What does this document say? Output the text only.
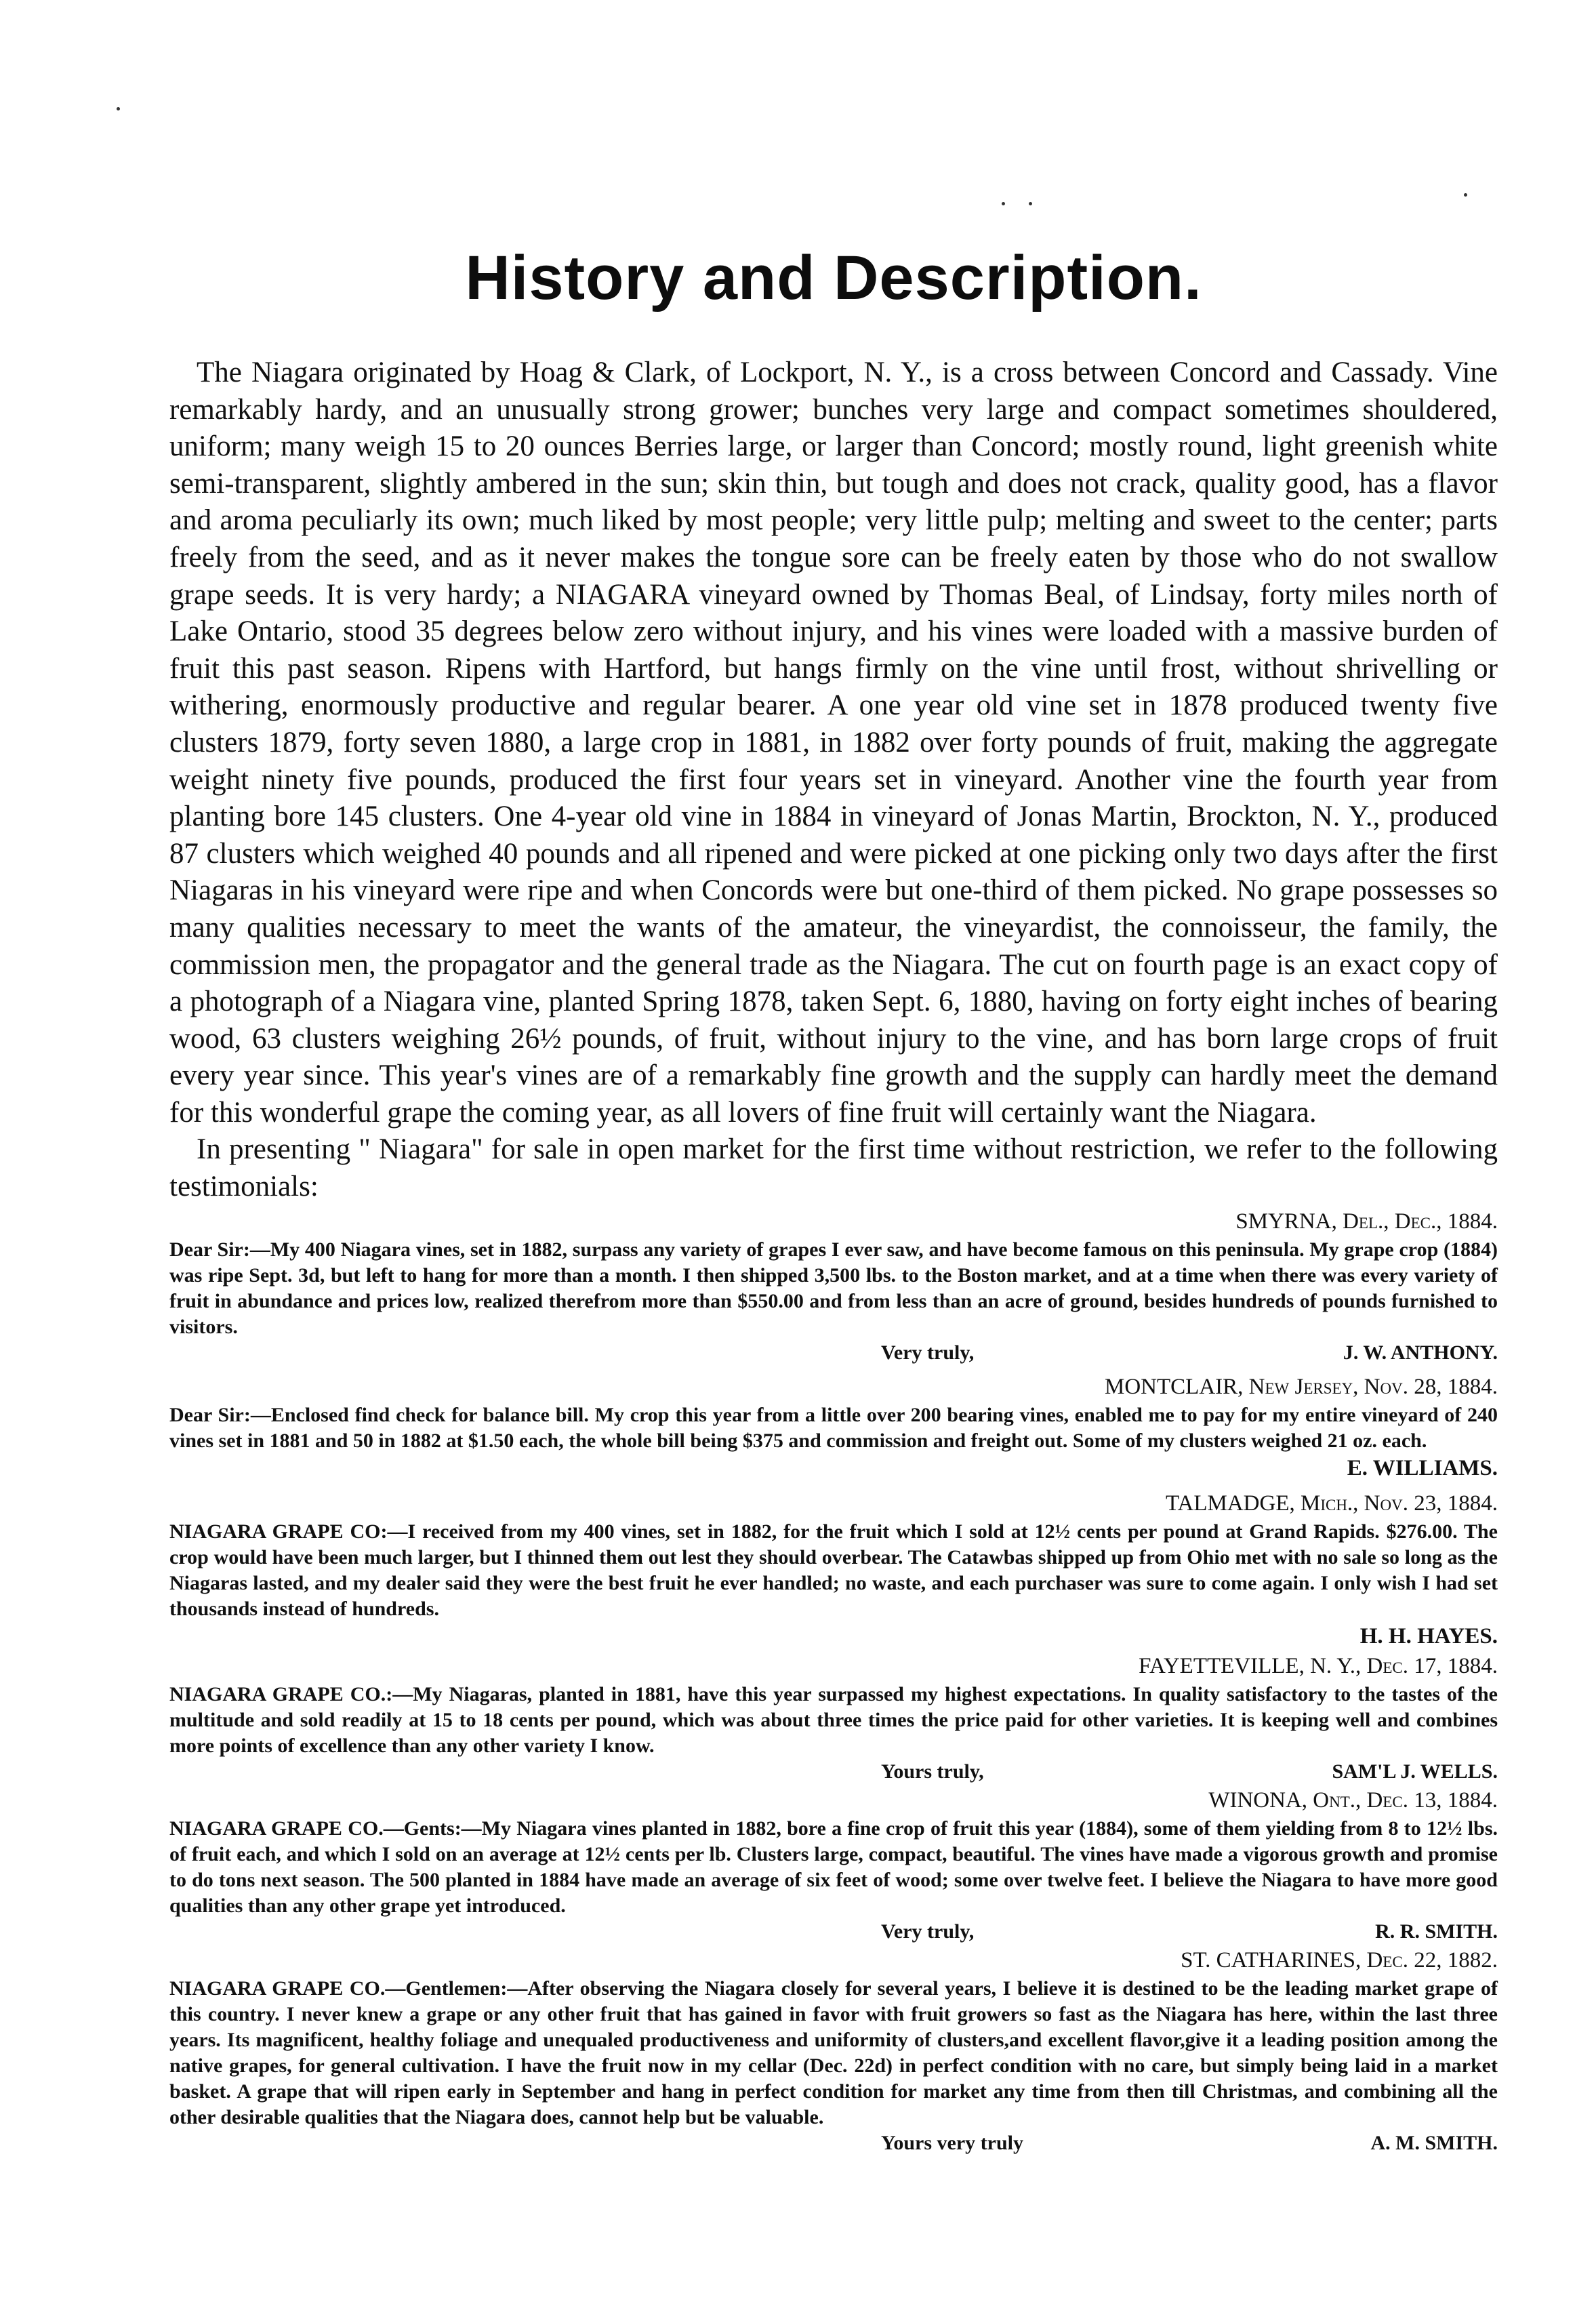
History and Description.

The Niagara originated by Hoag & Clark, of Lockport, N. Y., is a cross between Concord and Cassady. Vine remarkably hardy, and an unusually strong grower; bunches very large and compact sometimes shouldered, uniform; many weigh 15 to 20 ounces Berries large, or larger than Concord; mostly round, light greenish white semi-transparent, slightly ambered in the sun; skin thin, but tough and does not crack, quality good, has a flavor and aroma peculiarly its own; much liked by most people; very little pulp; melting and sweet to the center; parts freely from the seed, and as it never makes the tongue sore can be freely eaten by those who do not swallow grape seeds. It is very hardy; a NIAGARA vineyard owned by Thomas Beal, of Lindsay, forty miles north of Lake Ontario, stood 35 degrees below zero without injury, and his vines were loaded with a massive burden of fruit this past season. Ripens with Hartford, but hangs firmly on the vine until frost, without shrivelling or withering, enormously productive and regular bearer. A one year old vine set in 1878 produced twenty five clusters 1879, forty seven 1880, a large crop in 1881, in 1882 over forty pounds of fruit, making the aggregate weight ninety five pounds, produced the first four years set in vineyard. Another vine the fourth year from planting bore 145 clusters. One 4-year old vine in 1884 in vineyard of Jonas Martin, Brockton, N. Y., produced 87 clusters which weighed 40 pounds and all ripened and were picked at one picking only two days after the first Niagaras in his vineyard were ripe and when Concords were but one-third of them picked. No grape possesses so many qualities necessary to meet the wants of the amateur, the vineyardist, the connoisseur, the family, the commission men, the propagator and the general trade as the Niagara. The cut on fourth page is an exact copy of a photograph of a Niagara vine, planted Spring 1878, taken Sept. 6, 1880, having on forty eight inches of bearing wood, 63 clusters weighing 26½ pounds, of fruit, without injury to the vine, and has born large crops of fruit every year since. This year's vines are of a remarkably fine growth and the supply can hardly meet the demand for this wonderful grape the coming year, as all lovers of fine fruit will certainly want the Niagara.

In presenting " Niagara" for sale in open market for the first time without restriction, we refer to the following testimonials:

SMYRNA, Del., Dec., 1884.

Dear Sir:—My 400 Niagara vines, set in 1882, surpass any variety of grapes I ever saw, and have become famous on this peninsula. My grape crop (1884) was ripe Sept. 3d, but left to hang for more than a month. I then shipped 3,500 lbs. to the Boston market, and at a time when there was every variety of fruit in abundance and prices low, realized therefrom more than $550.00 and from less than an acre of ground, besides hundreds of pounds furnished to visitors.

Very truly,	J. W. ANTHONY.

MONTCLAIR, New Jersey, Nov. 28, 1884.

Dear Sir:—Enclosed find check for balance bill. My crop this year from a little over 200 bearing vines, enabled me to pay for my entire vineyard of 240 vines set in 1881 and 50 in 1882 at $1.50 each, the whole bill being $375 and commission and freight out. Some of my clusters weighed 21 oz. each.

E. WILLIAMS.

TALMADGE, Mich., Nov. 23, 1884.

NIAGARA GRAPE CO:—I received from my 400 vines, set in 1882, for the fruit which I sold at 12½ cents per pound at Grand Rapids. $276.00. The crop would have been much larger, but I thinned them out lest they should overbear. The Catawbas shipped up from Ohio met with no sale so long as the Niagaras lasted, and my dealer said they were the best fruit he ever handled; no waste, and each purchaser was sure to come again. I only wish I had set thousands instead of hundreds.

H. H. HAYES.

FAYETTEVILLE, N. Y., Dec. 17, 1884.

NIAGARA GRAPE CO.:—My Niagaras, planted in 1881, have this year surpassed my highest expectations. In quality satisfactory to the tastes of the multitude and sold readily at 15 to 18 cents per pound, which was about three times the price paid for other varieties. It is keeping well and combines more points of excellence than any other variety I know.

Yours truly,	SAM'L J. WELLS.

WINONA, Ont., Dec. 13, 1884.

NIAGARA GRAPE CO.—Gents:—My Niagara vines planted in 1882, bore a fine crop of fruit this year (1884), some of them yielding from 8 to 12½ lbs. of fruit each, and which I sold on an average at 12½ cents per lb. Clusters large, compact, beautiful. The vines have made a vigorous growth and promise to do tons next season. The 500 planted in 1884 have made an average of six feet of wood; some over twelve feet. I believe the Niagara to have more good qualities than any other grape yet introduced.

Very truly,	R. R. SMITH.

ST. CATHARINES, Dec. 22, 1882.

NIAGARA GRAPE CO.—Gentlemen:—After observing the Niagara closely for several years, I believe it is destined to be the leading market grape of this country. I never knew a grape or any other fruit that has gained in favor with fruit growers so fast as the Niagara has here, within the last three years. Its magnificent, healthy foliage and unequaled productiveness and uniformity of clusters,and excellent flavor,give it a leading position among the native grapes, for general cultivation. I have the fruit now in my cellar (Dec. 22d) in perfect condition with no care, but simply being laid in a market basket. A grape that will ripen early in September and hang in perfect condition for market any time from then till Christmas, and combining all the other desirable qualities that the Niagara does, cannot help but be valuable.

Yours very truly	A. M. SMITH.
